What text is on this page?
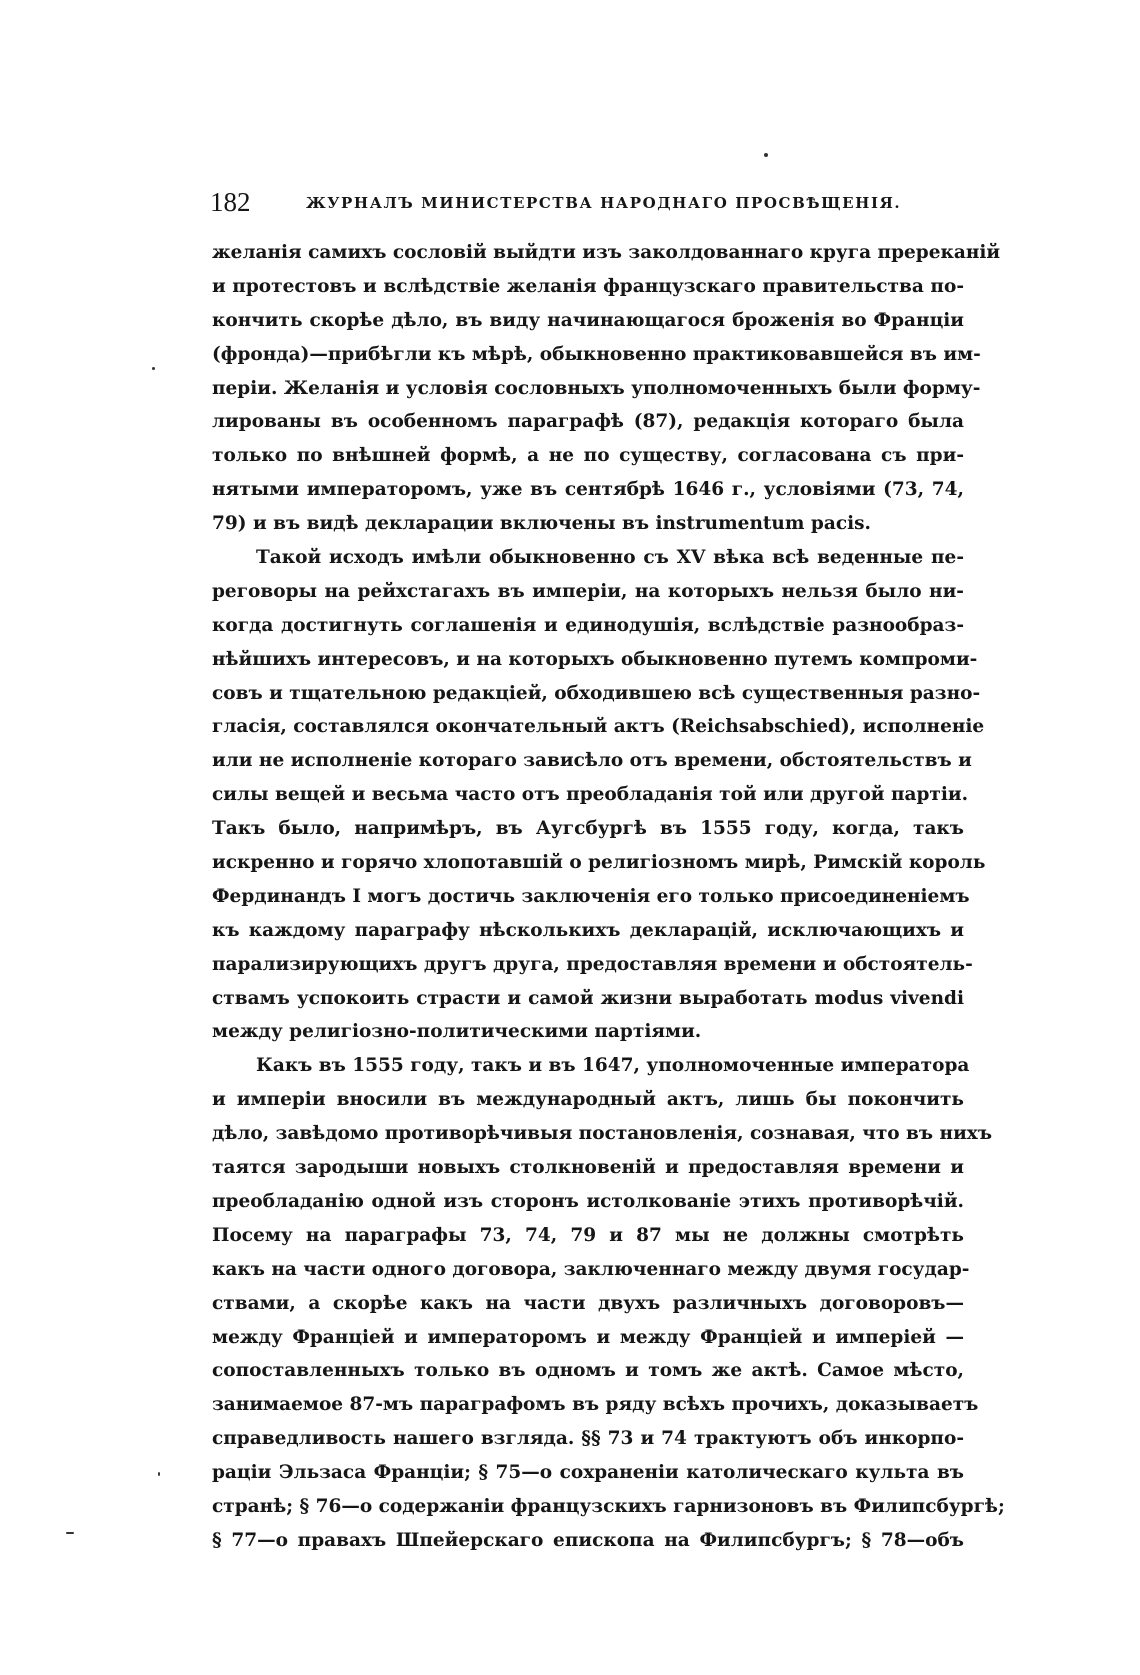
182	ЖУРНАЛЪ МИНИСТЕРСТВА НАРОДНАГО ПРОСВѢЩЕНІЯ.
желанія самихъ сословій выйдти изъ заколдованнаго круга пререканій
и протестовъ и вслѣдствіе желанія французскаго правительства по-
кончить скорѣе дѣло, въ виду начинающагося броженія во Франціи
(фронда)—прибѣгли къ мѣрѣ, обыкновенно практиковавшейся въ им-
періи. Желанія и условія сословныхъ уполномоченныхъ были форму-
лированы въ особенномъ параграфѣ (87), редакція котораго была
только по внѣшней формѣ, а не по существу, согласована съ при-
нятыми императоромъ, уже въ сентябрѣ 1646 г., условіями (73, 74,
79) и въ видѣ декларации включены въ instrumentum pacis.
Такой исходъ имѣли обыкновенно съ XV вѣка всѣ веденные пе-
реговоры на рейхстагахъ въ имперіи, на которыхъ нельзя было ни-
когда достигнуть соглашенія и единодушія, вслѣдствіе разнообраз-
нѣйшихъ интересовъ, и на которыхъ обыкновенно путемъ компроми-
совъ и тщательною редакціей, обходившею всѣ существенныя разно-
гласія, составлялся окончательный актъ (Reichsabschied), исполненіе
или не исполненіе котораго зависѣло отъ времени, обстоятельствъ и
силы вещей и весьма часто отъ преобладанія той или другой партіи.
Такъ было, напримѣръ, въ Аугсбургѣ въ 1555 году, когда, такъ
искренно и горячо хлопотавшій о религіозномъ мирѣ, Римскій король
Фердинандъ I могъ достичь заключенія его только присоединеніемъ
къ каждому параграфу нѣсколькихъ декларацій, исключающихъ и
парализирующихъ другъ друга, предоставляя времени и обстоятель-
ствамъ успокоить страсти и самой жизни выработать modus vivendi
между религіозно-политическими партіями.
Какъ въ 1555 году, такъ и въ 1647, уполномоченные императора
и имперіи вносили въ международный актъ, лишь бы покончить
дѣло, завѣдомо противорѣчивыя постановленія, сознавая, что въ нихъ
таятся зародыши новыхъ столкновеній и предоставляя времени и
преобладанію одной изъ сторонъ истолкованіе этихъ противорѣчій.
Посему на параграфы 73, 74, 79 и 87 мы не должны смотрѣть
какъ на части одного договора, заключеннаго между двумя государ-
ствами, а скорѣе какъ на части двухъ различныхъ договоровъ—
между Франціей и императоромъ и между Франціей и имперіей —
сопоставленныхъ только въ одномъ и томъ же актѣ. Самое мѣсто,
занимаемое 87-мъ параграфомъ въ ряду всѣхъ прочихъ, доказываетъ
справедливость нашего взгляда. §§ 73 и 74 трактуютъ объ инкорпо-
раціи Эльзаса Франціи; § 75—о сохраненіи католическаго культа въ
странѣ; § 76—о содержаніи французскихъ гарнизоновъ въ Филипсбургѣ;
§ 77—о правахъ Шпейерскаго епископа на Филипсбургъ; § 78—объ
